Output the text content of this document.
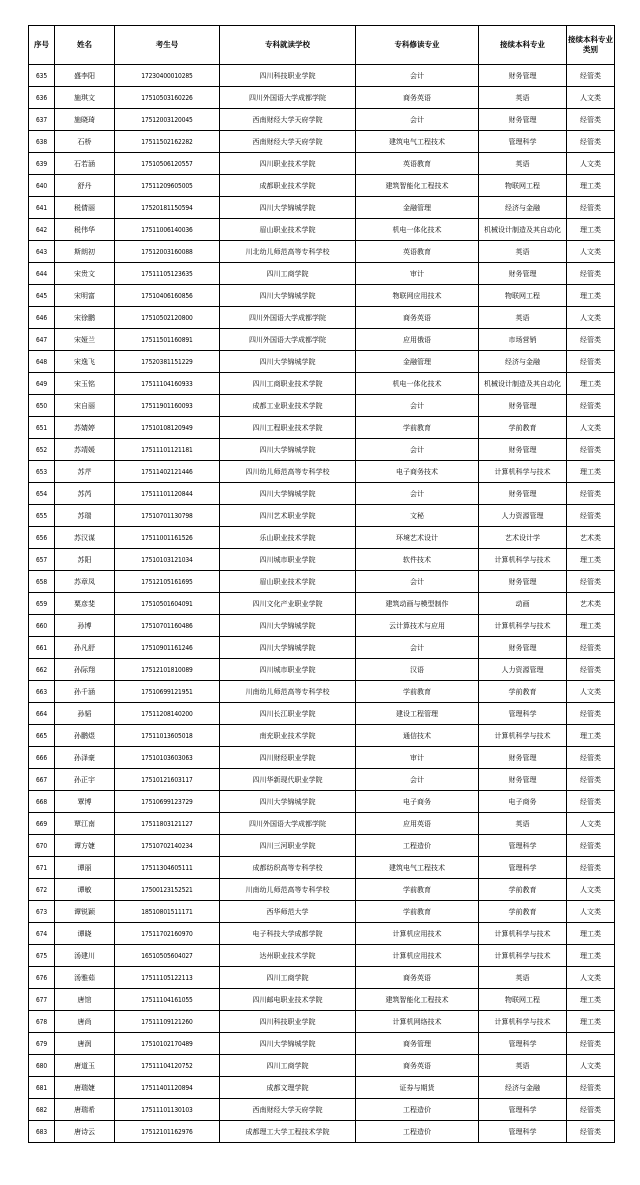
序号	姓名	考生号	专科就读学校	专科修读专业	接续本科专业	接续本科专业类别
635	盛李阳	17230400010285	四川科技职业学院	会计	财务管理	经管类
636	施琪文	17510503160226	四川外国语大学成都学院	商务英语	英语	人文类
637	施晓琦	17512003120045	西南财经大学天府学院	会计	财务管理	经管类
638	石桥	17511502162282	西南财经大学天府学院	建筑电气工程技术	管理科学	经管类
639	石若涵	17510506120557	四川职业技术学院	英语教育	英语	人文类
640	舒丹	17511209605005	成都职业技术学院	建筑智能化工程技术	物联网工程	理工类
641	税倩丽	17520181150594	四川大学锦城学院	金融管理	经济与金融	经管类
642	税伟华	17511006140036	眉山职业技术学院	机电一体化技术	机械设计制造及其自动化	理工类
643	斯朗初	17512003160088	川北幼儿师范高等专科学校	英语教育	英语	人文类
644	宋贵文	17511105123635	四川工商学院	审计	财务管理	经管类
645	宋明富	17510406160856	四川大学锦城学院	物联网应用技术	物联网工程	理工类
646	宋徐鹏	17510502120800	四川外国语大学成都学院	商务英语	英语	人文类
647	宋娅兰	17511501160891	四川外国语大学成都学院	应用俄语	市场营销	经管类
648	宋逸飞	17520381151229	四川大学锦城学院	金融管理	经济与金融	经管类
649	宋玉铭	17511104160933	四川工商职业技术学院	机电一体化技术	机械设计制造及其自动化	理工类
650	宋自丽	17511901160093	成都工业职业技术学院	会计	财务管理	经管类
651	苏婧婷	17510108120949	四川工程职业技术学院	学前教育	学前教育	人文类
652	苏靖媛	17511101121181	四川大学锦城学院	会计	财务管理	经管类
653	苏芹	17511402121446	四川幼儿师范高等专科学校	电子商务技术	计算机科学与技术	理工类
654	苏芮	17511101120844	四川大学锦城学院	会计	财务管理	经管类
655	苏瑞	17510701130798	四川艺术职业学院	文秘	人力资源管理	经管类
656	苏汉谋	17511001161526	乐山职业技术学院	环境艺术设计	艺术设计学	艺术类
657	苏阳	17510103121034	四川城市职业学院	软件技术	计算机科学与技术	理工类
658	苏章凤	17512105161695	眉山职业技术学院	会计	财务管理	经管类
659	粟彦斐	17510501604091	四川文化产业职业学院	建筑动画与模型制作	动画	艺术类
660	孙博	17510701160486	四川大学锦城学院	云计算技术与应用	计算机科学与技术	理工类
661	孙凡舒	17510901161246	四川大学锦城学院	会计	财务管理	经管类
662	孙际翔	17512101810089	四川城市职业学院	汉语	人力资源管理	经管类
663	孙千涵	17510699121951	川南幼儿师范高等专科学校	学前教育	学前教育	人文类
664	孙韬	17511208140200	四川长江职业学院	建设工程管理	管理科学	经管类
665	孙鹏煜	17511013605018	南充职业技术学院	通信技术	计算机科学与技术	理工类
666	孙泽豪	17510103603063	四川财经职业学院	审计	财务管理	经管类
667	孙正宇	17510121603117	四川华新现代职业学院	会计	财务管理	经管类
668	覃博	17510699123729	四川大学锦城学院	电子商务	电子商务	经管类
669	覃江南	17511803121127	四川外国语大学成都学院	应用英语	英语	人文类
670	谭方婕	17510702140234	四川三河职业学院	工程造价	管理科学	经管类
671	谭丽	17511304605111	成都纺织高等专科学校	建筑电气工程技术	管理科学	经管类
672	谭敏	17500123152521	川南幼儿师范高等专科学校	学前教育	学前教育	人文类
673	谭锐颖	18510801511171	西华师范大学	学前教育	学前教育	人文类
674	谭晓	17511702160970	电子科技大学成都学院	计算机应用技术	计算机科学与技术	理工类
675	汤建川	16510505604027	达州职业技术学院	计算机应用技术	计算机科学与技术	理工类
676	汤雅茹	17511105122113	四川工商学院	商务英语	英语	人文类
677	唐馆	17511104161055	四川邮电职业技术学院	建筑智能化工程技术	物联网工程	理工类
678	唐尚	17511109121260	四川科技职业学院	计算机网络技术	计算机科学与技术	理工类
679	唐润	17510102170489	四川大学锦城学院	商务管理	管理科学	经管类
680	唐道玉	17511104120752	四川工商学院	商务英语	英语	人文类
681	唐瑞婕	17511401120894	成都文理学院	证券与期货	经济与金融	经管类
682	唐瑞希	17511101130103	西南财经大学天府学院	工程造价	管理科学	经管类
683	唐诗云	17512101162976	成都理工大学工程技术学院	工程造价	管理科学	经管类
